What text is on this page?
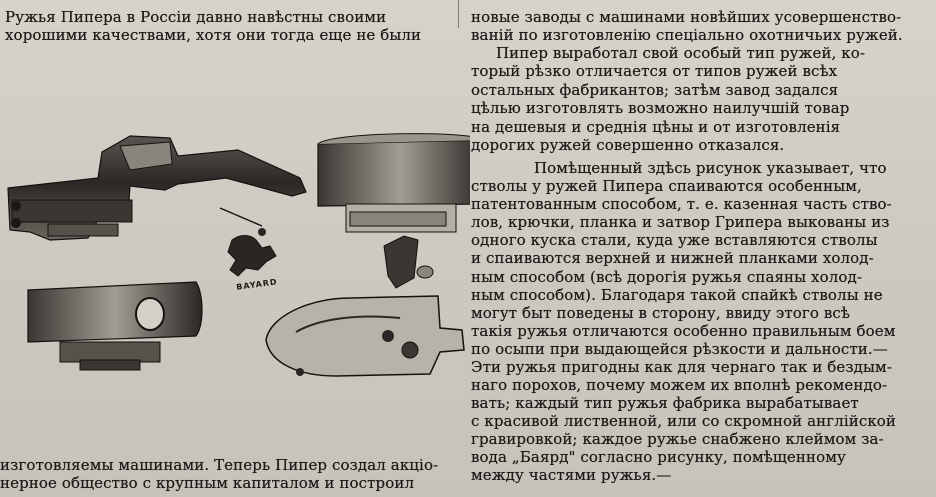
Ружья Пипера в Россіи давно навѣстны своими
хорошими качествами, хотя они тогда еще не были
новые заводы с машинами новѣйших усовершенство-
ваній по изготовленію спеціально охотничьих ружей.
Пипер выработал свой особый тип ружей, ко-
торый рѣзко отличается от типов ружей всѣх
остальных фабрикантов; затѣм завод задался
цѣлью изготовлять возможно наилучшій товар
на дешевыя и среднія цѣны и от изготовленія
дорогих ружей совершенно отказался.
Помѣщенный здѣсь рисунок указывает, что
стволы у ружей Пипера спаиваются особенным,
патентованным способом, т. е. казенная часть ство-
лов, крючки, планка и затвор Грипера выкованы из
одного куска стали, куда уже вставляются стволы
и спаиваются верхней и нижней планками холод-
ным способом (всѣ дорогія ружья спаяны холод-
ным способом). Благодаря такой спайкѣ стволы не
могут быт поведены в сторону, ввиду этого всѣ
такія ружья отличаются особенно правильным боем
по осыпи при выдающейся рѣзкости и дальности.—
Эти ружья пригодны как для чернаго так и бездым-
наго порохов, почему можем их вполнѣ рекомендо-
вать; каждый тип ружья фабрика вырабатывает
с красивой лиственной, или со скромной англійской
гравировкой; каждое ружье снабжено клеймом за-
вода „Баярд" согласно рисунку, помѣщенному
между частями ружья.—
BAYARD
изготовляемы машинами. Теперь Пипер создал акціо-
нерное общество с крупным капиталом и построил
